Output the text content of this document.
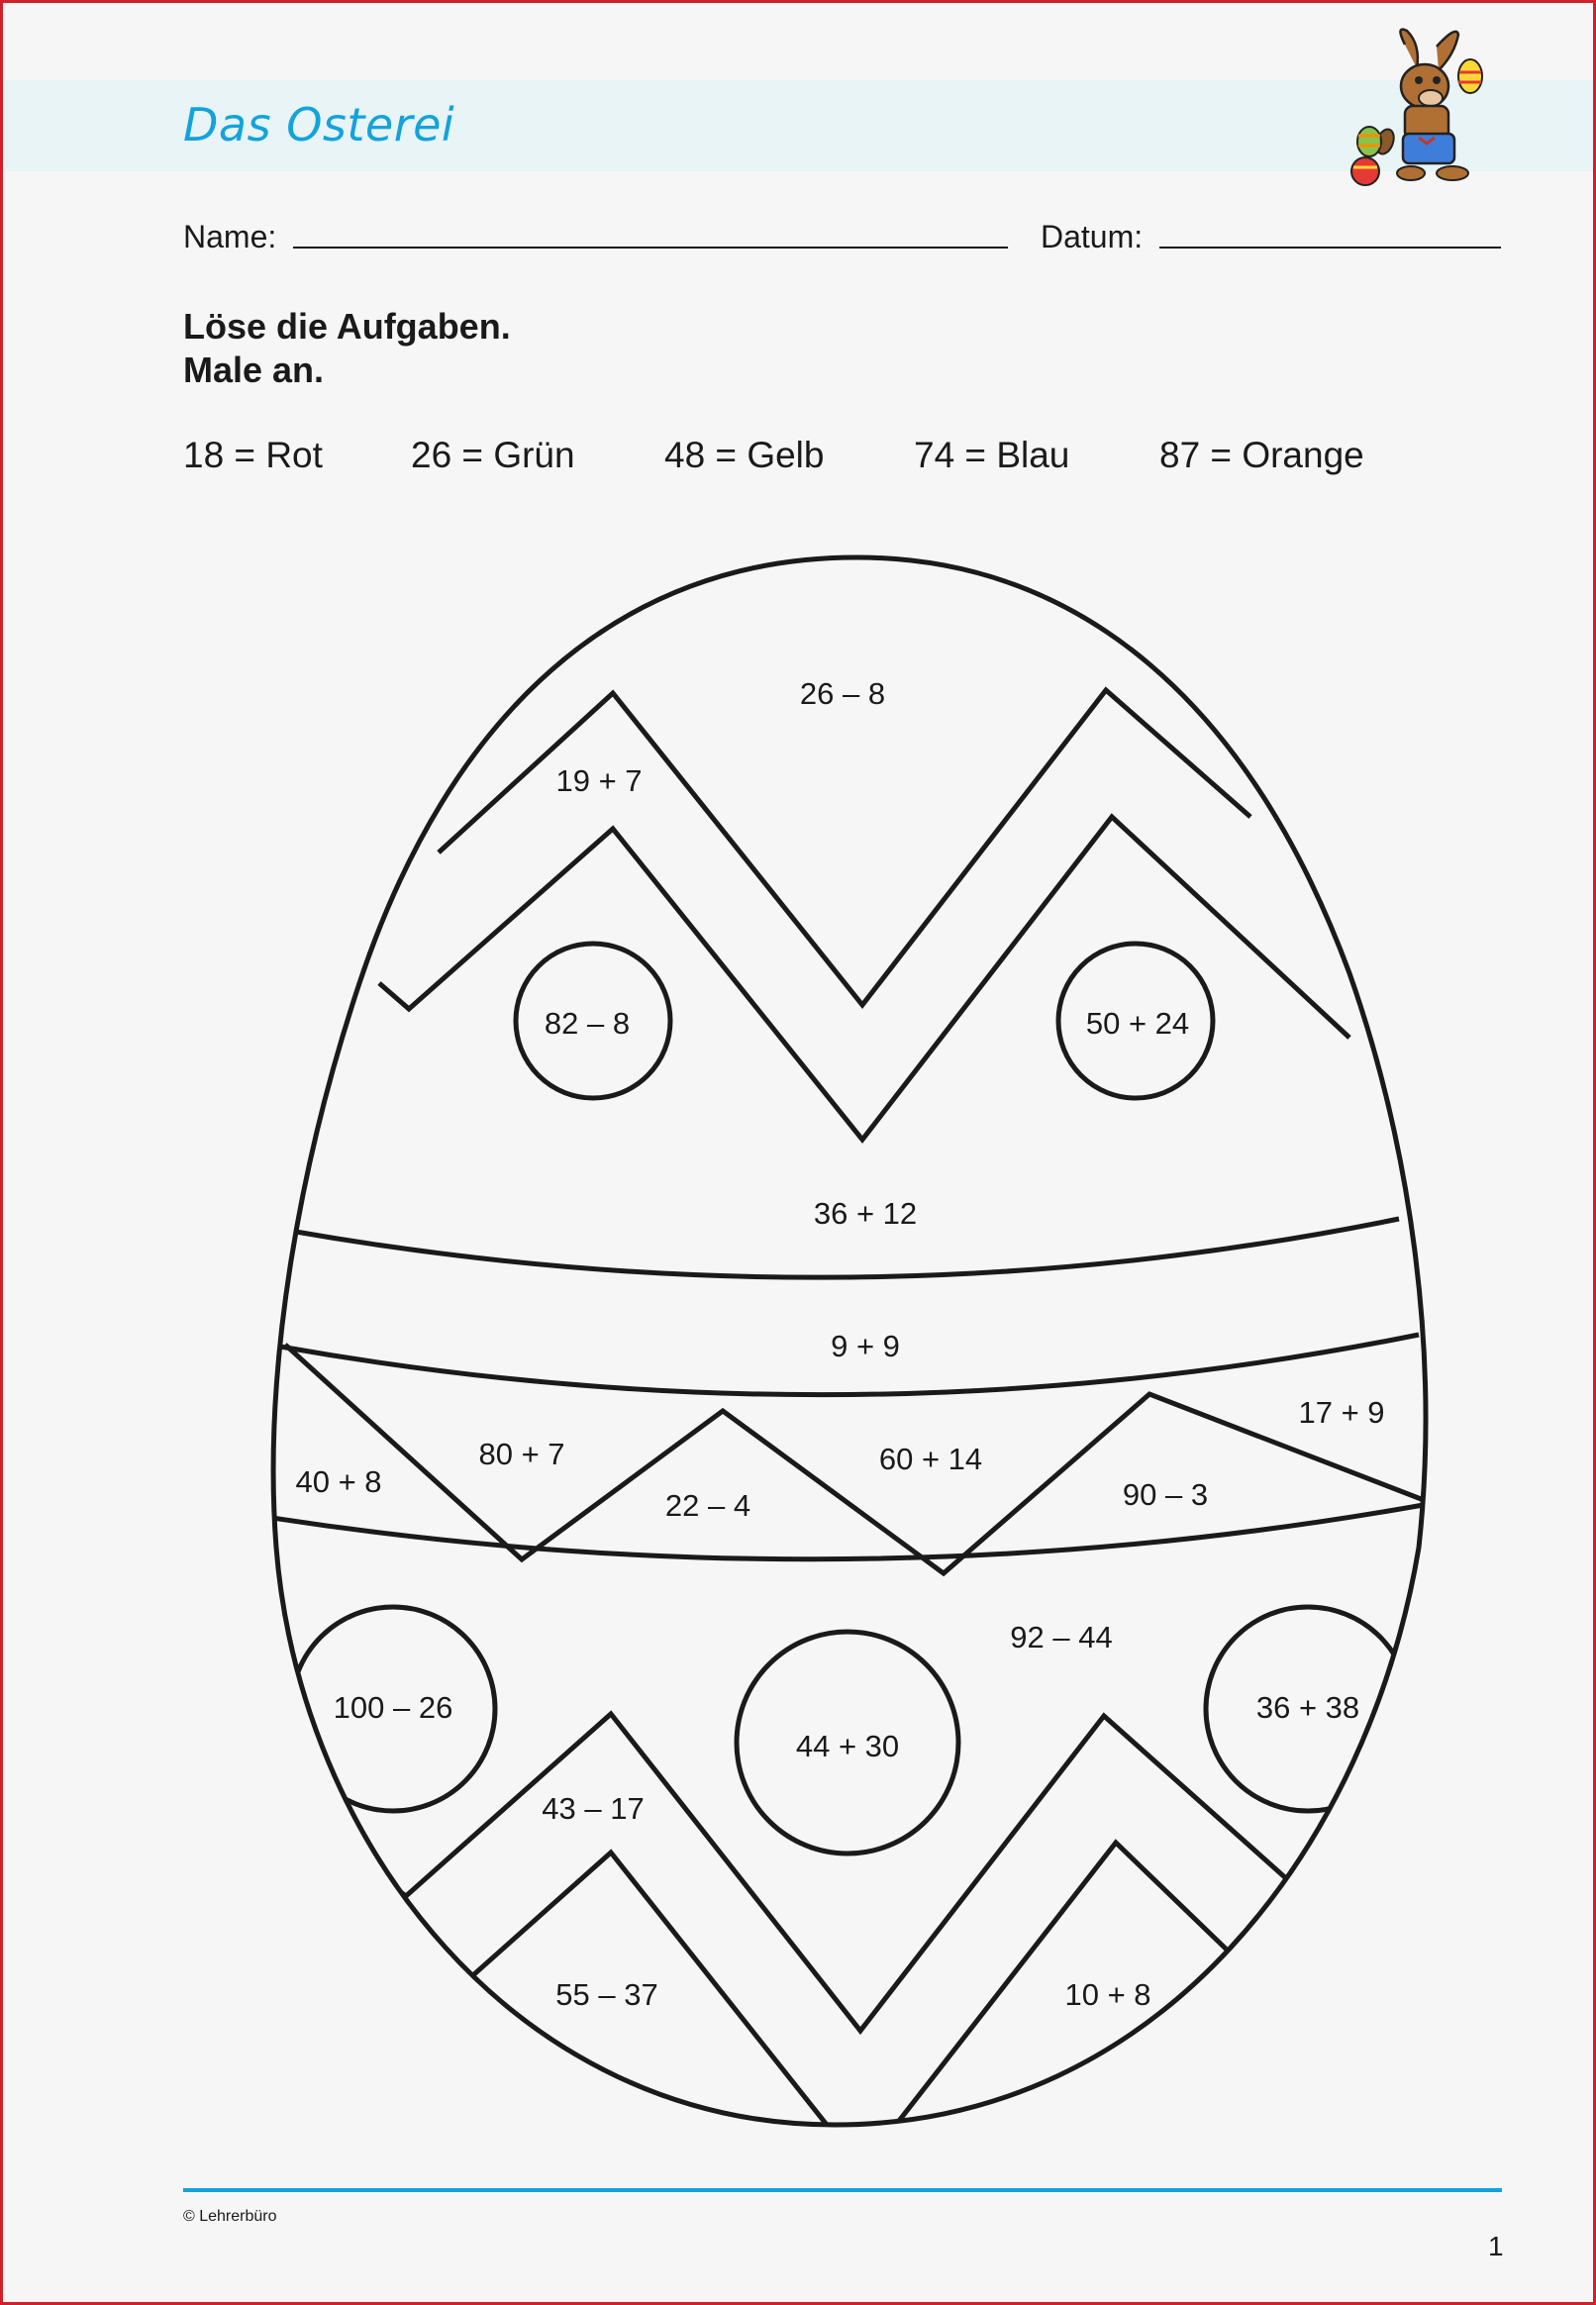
Das Osterei
Name:	Datum:
Löse die Aufgaben.
Male an.
18 = Rot 26 = Grün 48 = Gelb 74 = Blau 87 = Orange
26 – 8
19 + 7
82 – 8	50 + 24
36 + 12
9 + 9
17 + 9
80 + 7
40 + 8
60 + 14
22 – 4	90 – 3
92 – 44
100 – 26
44 + 30
36 + 38
43 – 17
55 – 37	10 + 8
© Lehrerbüro
1
